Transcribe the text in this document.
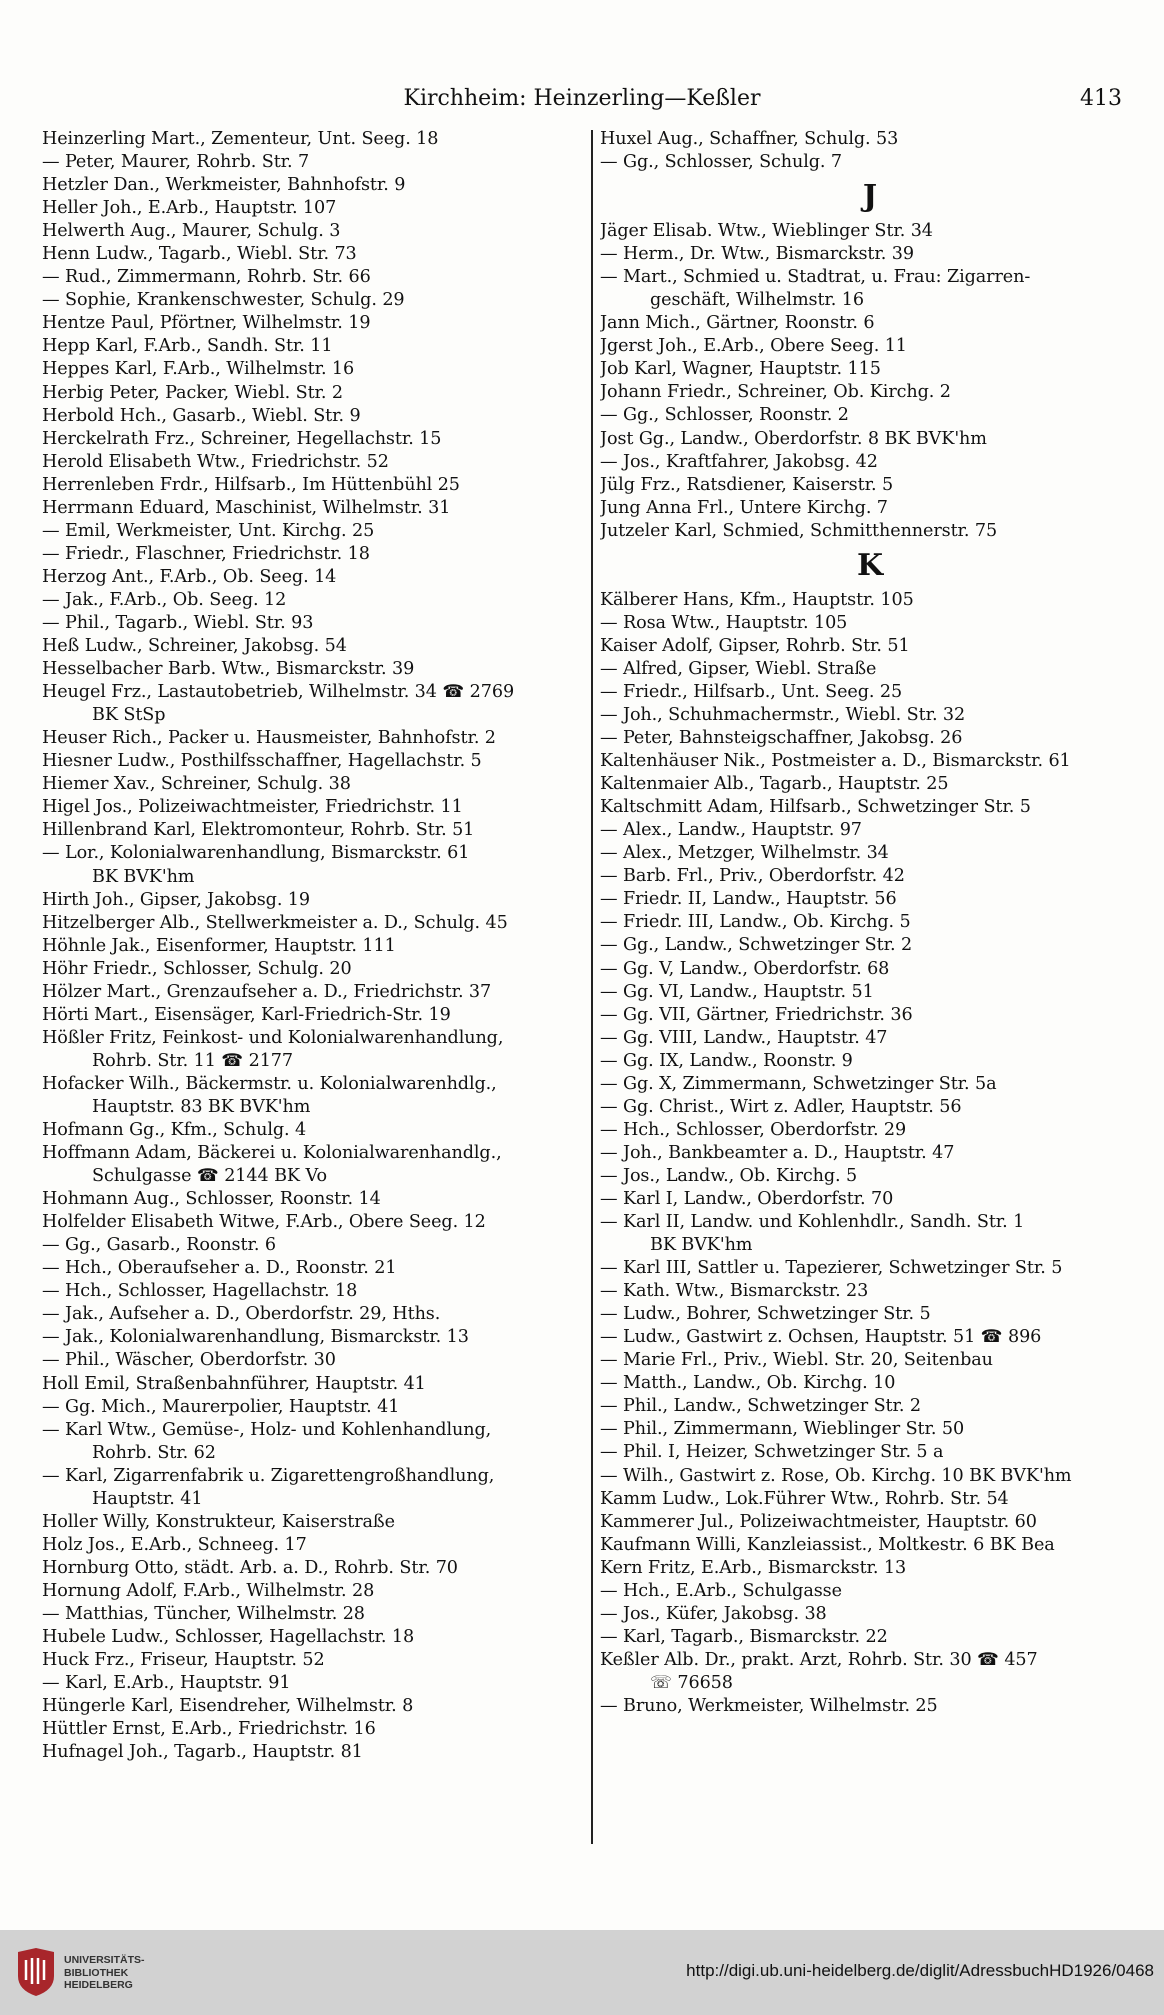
Kirchheim: Heinzerling—Keßler	413
Heinzerling Mart., Zementeur, Unt. Seeg. 18
— Peter, Maurer, Rohrb. Str. 7
Hetzler Dan., Werkmeister, Bahnhofstr. 9
Heller Joh., E.Arb., Hauptstr. 107
Helwerth Aug., Maurer, Schulg. 3
Henn Ludw., Tagarb., Wiebl. Str. 73
— Rud., Zimmermann, Rohrb. Str. 66
— Sophie, Krankenschwester, Schulg. 29
Hentze Paul, Pförtner, Wilhelmstr. 19
Hepp Karl, F.Arb., Sandh. Str. 11
Heppes Karl, F.Arb., Wilhelmstr. 16
Herbig Peter, Packer, Wiebl. Str. 2
Herbold Hch., Gasarb., Wiebl. Str. 9
Herckelrath Frz., Schreiner, Hegellachstr. 15
Herold Elisabeth Wtw., Friedrichstr. 52
Herrenleben Frdr., Hilfsarb., Im Hüttenbühl 25
Herrmann Eduard, Maschinist, Wilhelmstr. 31
— Emil, Werkmeister, Unt. Kirchg. 25
— Friedr., Flaschner, Friedrichstr. 18
Herzog Ant., F.Arb., Ob. Seeg. 14
— Jak., F.Arb., Ob. Seeg. 12
— Phil., Tagarb., Wiebl. Str. 93
Heß Ludw., Schreiner, Jakobsg. 54
Hesselbacher Barb. Wtw., Bismarckstr. 39
Heugel Frz., Lastautobetrieb, Wilhelmstr. 34 ☎ 2769
BK StSp
Heuser Rich., Packer u. Hausmeister, Bahnhofstr. 2
Hiesner Ludw., Posthilfsschaffner, Hagellachstr. 5
Hiemer Xav., Schreiner, Schulg. 38
Higel Jos., Polizeiwachtmeister, Friedrichstr. 11
Hillenbrand Karl, Elektromonteur, Rohrb. Str. 51
— Lor., Kolonialwarenhandlung, Bismarckstr. 61
BK BVK'hm
Hirth Joh., Gipser, Jakobsg. 19
Hitzelberger Alb., Stellwerkmeister a. D., Schulg. 45
Höhnle Jak., Eisenformer, Hauptstr. 111
Höhr Friedr., Schlosser, Schulg. 20
Hölzer Mart., Grenzaufseher a. D., Friedrichstr. 37
Hörti Mart., Eisensäger, Karl-Friedrich-Str. 19
Hößler Fritz, Feinkost- und Kolonialwarenhandlung,
Rohrb. Str. 11 ☎ 2177
Hofacker Wilh., Bäckermstr. u. Kolonialwarenhdlg.,
Hauptstr. 83 BK BVK'hm
Hofmann Gg., Kfm., Schulg. 4
Hoffmann Adam, Bäckerei u. Kolonialwarenhandlg.,
Schulgasse ☎ 2144 BK Vo
Hohmann Aug., Schlosser, Roonstr. 14
Holfelder Elisabeth Witwe, F.Arb., Obere Seeg. 12
— Gg., Gasarb., Roonstr. 6
— Hch., Oberaufseher a. D., Roonstr. 21
— Hch., Schlosser, Hagellachstr. 18
— Jak., Aufseher a. D., Oberdorfstr. 29, Hths.
— Jak., Kolonialwarenhandlung, Bismarckstr. 13
— Phil., Wäscher, Oberdorfstr. 30
Holl Emil, Straßenbahnführer, Hauptstr. 41
— Gg. Mich., Maurerpolier, Hauptstr. 41
— Karl Wtw., Gemüse-, Holz- und Kohlenhandlung,
Rohrb. Str. 62
— Karl, Zigarrenfabrik u. Zigarettengroßhandlung,
Hauptstr. 41
Holler Willy, Konstrukteur, Kaiserstraße
Holz Jos., E.Arb., Schneeg. 17
Hornburg Otto, städt. Arb. a. D., Rohrb. Str. 70
Hornung Adolf, F.Arb., Wilhelmstr. 28
— Matthias, Tüncher, Wilhelmstr. 28
Hubele Ludw., Schlosser, Hagellachstr. 18
Huck Frz., Friseur, Hauptstr. 52
— Karl, E.Arb., Hauptstr. 91
Hüngerle Karl, Eisendreher, Wilhelmstr. 8
Hüttler Ernst, E.Arb., Friedrichstr. 16
Hufnagel Joh., Tagarb., Hauptstr. 81
Huxel Aug., Schaffner, Schulg. 53
— Gg., Schlosser, Schulg. 7
J
Jäger Elisab. Wtw., Wieblinger Str. 34
— Herm., Dr. Wtw., Bismarckstr. 39
— Mart., Schmied u. Stadtrat, u. Frau: Zigarren-
geschäft, Wilhelmstr. 16
Jann Mich., Gärtner, Roonstr. 6
Jgerst Joh., E.Arb., Obere Seeg. 11
Job Karl, Wagner, Hauptstr. 115
Johann Friedr., Schreiner, Ob. Kirchg. 2
— Gg., Schlosser, Roonstr. 2
Jost Gg., Landw., Oberdorfstr. 8 BK BVK'hm
— Jos., Kraftfahrer, Jakobsg. 42
Jülg Frz., Ratsdiener, Kaiserstr. 5
Jung Anna Frl., Untere Kirchg. 7
Jutzeler Karl, Schmied, Schmitthennerstr. 75
K
Kälberer Hans, Kfm., Hauptstr. 105
— Rosa Wtw., Hauptstr. 105
Kaiser Adolf, Gipser, Rohrb. Str. 51
— Alfred, Gipser, Wiebl. Straße
— Friedr., Hilfsarb., Unt. Seeg. 25
— Joh., Schuhmachermstr., Wiebl. Str. 32
— Peter, Bahnsteigschaffner, Jakobsg. 26
Kaltenhäuser Nik., Postmeister a. D., Bismarckstr. 61
Kaltenmaier Alb., Tagarb., Hauptstr. 25
Kaltschmitt Adam, Hilfsarb., Schwetzinger Str. 5
— Alex., Landw., Hauptstr. 97
— Alex., Metzger, Wilhelmstr. 34
— Barb. Frl., Priv., Oberdorfstr. 42
— Friedr. II, Landw., Hauptstr. 56
— Friedr. III, Landw., Ob. Kirchg. 5
— Gg., Landw., Schwetzinger Str. 2
— Gg. V, Landw., Oberdorfstr. 68
— Gg. VI, Landw., Hauptstr. 51
— Gg. VII, Gärtner, Friedrichstr. 36
— Gg. VIII, Landw., Hauptstr. 47
— Gg. IX, Landw., Roonstr. 9
— Gg. X, Zimmermann, Schwetzinger Str. 5a
— Gg. Christ., Wirt z. Adler, Hauptstr. 56
— Hch., Schlosser, Oberdorfstr. 29
— Joh., Bankbeamter a. D., Hauptstr. 47
— Jos., Landw., Ob. Kirchg. 5
— Karl I, Landw., Oberdorfstr. 70
— Karl II, Landw. und Kohlenhdlr., Sandh. Str. 1
BK BVK'hm
— Karl III, Sattler u. Tapezierer, Schwetzinger Str. 5
— Kath. Wtw., Bismarckstr. 23
— Ludw., Bohrer, Schwetzinger Str. 5
— Ludw., Gastwirt z. Ochsen, Hauptstr. 51 ☎ 896
— Marie Frl., Priv., Wiebl. Str. 20, Seitenbau
— Matth., Landw., Ob. Kirchg. 10
— Phil., Landw., Schwetzinger Str. 2
— Phil., Zimmermann, Wieblinger Str. 50
— Phil. I, Heizer, Schwetzinger Str. 5 a
— Wilh., Gastwirt z. Rose, Ob. Kirchg. 10 BK BVK'hm
Kamm Ludw., Lok.Führer Wtw., Rohrb. Str. 54
Kammerer Jul., Polizeiwachtmeister, Hauptstr. 60
Kaufmann Willi, Kanzleiassist., Moltkestr. 6 BK Bea
Kern Fritz, E.Arb., Bismarckstr. 13
— Hch., E.Arb., Schulgasse
— Jos., Küfer, Jakobsg. 38
— Karl, Tagarb., Bismarckstr. 22
Keßler Alb. Dr., prakt. Arzt, Rohrb. Str. 30 ☎ 457
☏ 76658
— Bruno, Werkmeister, Wilhelmstr. 25
UNIVERSITÄTS-
BIBLIOTHEK
HEIDELBERG
http://digi.ub.uni-heidelberg.de/diglit/AdressbuchHD1926/0468
